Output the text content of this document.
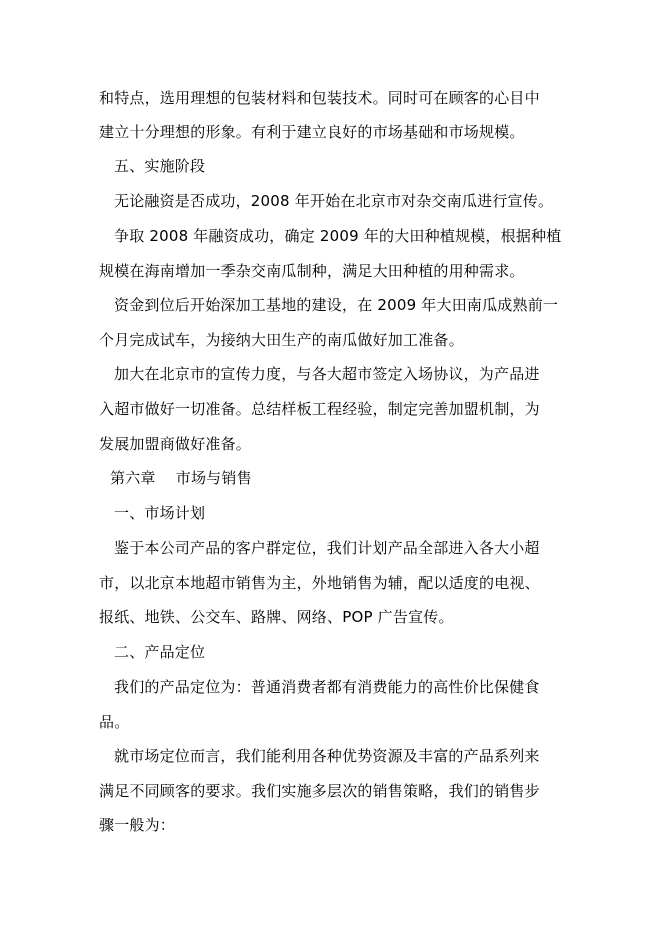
和特点，选用理想的包装材料和包装技术。同时可在顾客的心目中
建立十分理想的形象。有利于建立良好的市场基础和市场规模。
五、实施阶段
无论融资是否成功，2008 年开始在北京市对杂交南瓜进行宣传。
争取 2008 年融资成功，确定 2009 年的大田种植规模，根据种植
规模在海南增加一季杂交南瓜制种，满足大田种植的用种需求。
资金到位后开始深加工基地的建设，在 2009 年大田南瓜成熟前一
个月完成试车，为接纳大田生产的南瓜做好加工准备。
加大在北京市的宣传力度，与各大超市签定入场协议，为产品进
入超市做好一切准备。总结样板工程经验，制定完善加盟机制，为
发展加盟商做好准备。
第六章　 市场与销售
一、市场计划
鉴于本公司产品的客户群定位，我们计划产品全部进入各大小超
市，以北京本地超市销售为主，外地销售为辅，配以适度的电视、
报纸、地铁、公交车、路牌、网络、POP 广告宣传。
二、产品定位
我们的产品定位为：普通消费者都有消费能力的高性价比保健食
品。
就市场定位而言，我们能利用各种优势资源及丰富的产品系列来
满足不同顾客的要求。我们实施多层次的销售策略，我们的销售步
骤一般为：
